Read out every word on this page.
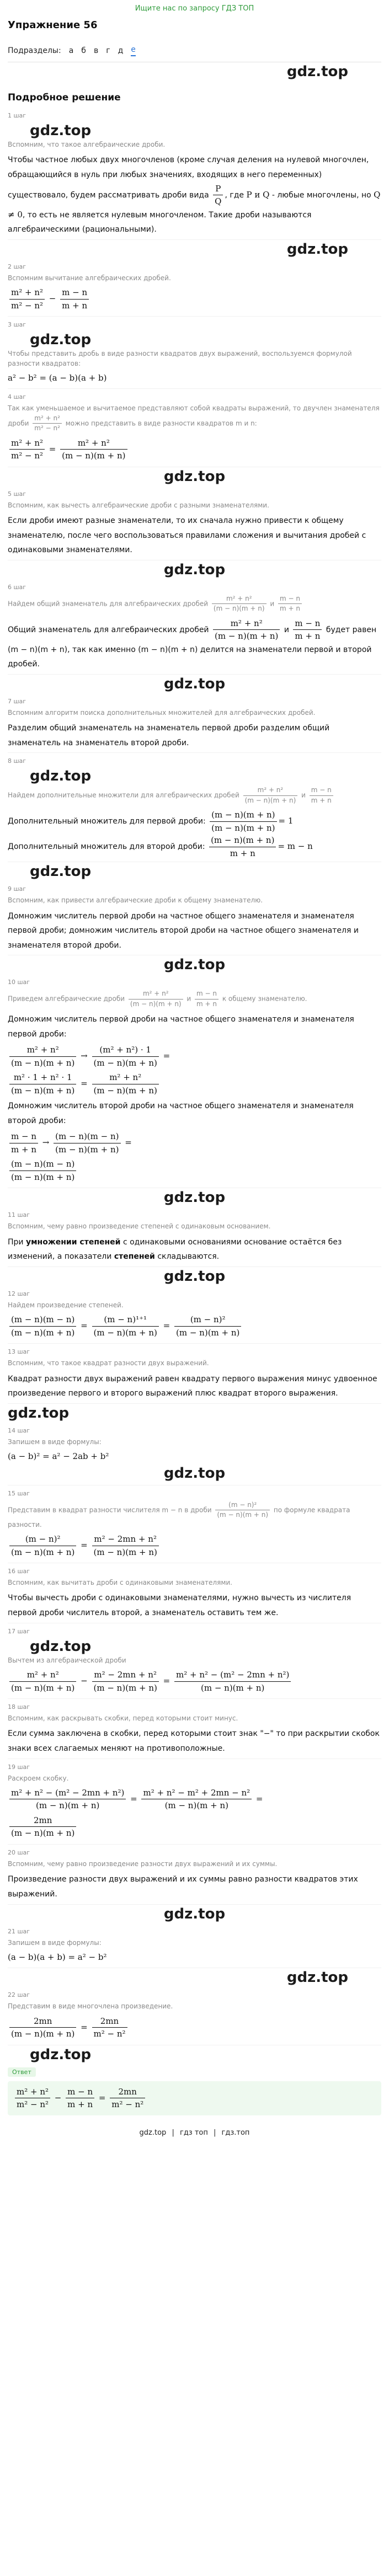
Ищите нас по запросу ГДЗ ТОП
Упражнение 56
Подразделы: а б в г д е
gdz.top
Подробное решение
1 шаг
gdz.top
Вспомним, что такое алгебраические дроби.
Чтобы частное любых двух многочленов (кроме случая деления на нулевой многочлен, обращающийся в нуль при любых значениях, входящих в него переменных) существовало, будем рассматривать дроби вида $\frac{P}{Q}$ , где P и Q - любые многочлены, но Q ≠ 0, то есть не является нулевым многочленом. Такие дроби называются алгебраическими (рациональными).
gdz.top
2 шаг
Вспомним вычитание алгебраических дробей.
$\frac{\text{m² + n²}}{\text{m² − n²}} - \frac{m - n}{m + n}$
3 шаг
gdz.top
Чтобы представить дробь в виде разности квадратов двух выражений, воспользуемся формулой разности квадратов:
a² − b² = (a − b)(a + b)
4 шаг
Так как уменьшаемое и вычитаемое представляют собой квадраты выражений, то двучлен знаменателя дроби $\frac{\text{m² + n²}}{\text{m² − n²}}$ можно представить в виде разности квадратов m и n:
$\frac{\text{m² + n²}}{\text{m² − n²}} = \frac{\text{m² + n²}}{(m - n)(m + n)}$
gdz.top
5 шаг
Вспомним, как вычесть алгебраические дроби с разными знаменателями.
Если дроби имеют разные знаменатели, то их сначала нужно привести к общему знаменателю, после чего воспользоваться правилами сложения и вычитания дробей с одинаковыми знаменателями.
gdz.top
6 шаг
Найдем общий знаменатель для алгебраических дробей $\frac{\text{m² + n²}}{(m - n)(m + n)}$ и $\frac{m - n}{m + n}$
Общий знаменатель для алгебраических дробей $\frac{\text{m² + n²}}{(m - n)(m + n)}$ и $\frac{m - n}{m + n}$ будет равен (m − n)(m + n), так как именно (m − n)(m + n) делится на знаменатели первой и второй дробей.
gdz.top
7 шаг
Вспомним алгоритм поиска дополнительных множителей для алгебраических дробей.
Разделим общий знаменатель на знаменатель первой дроби разделим общий знаменатель на знаменатель второй дроби.
8 шаг
gdz.top
Найдем дополнительные множители для алгебраических дробей $\frac{\text{m² + n²}}{(m - n)(m + n)}$ и $\frac{m - n}{m + n}$
Дополнительный множитель для первой дроби: $\frac{(m - n)(m + n)}{(m - n)(m + n)} = 1$
Дополнительный множитель для второй дроби: $\frac{(m - n)(m + n)}{m + n} = m - n$
gdz.top
9 шаг
Вспомним, как привести алгебраические дроби к общему знаменателю.
Домножим числитель первой дроби на частное общего знаменателя и знаменателя первой дроби; домножим числитель второй дроби на частное общего знаменателя и знаменателя второй дроби.
gdz.top
10 шаг
Приведем алгебраические дроби $\frac{\text{m² + n²}}{(m - n)(m + n)}$ и $\frac{m - n}{m + n}$ к общему знаменателю.
Домножим числитель первой дроби на частное общего знаменателя и знаменателя первой дроби:
$\frac{\text{m² + n²}}{(m - n)(m + n)} \to \frac{\text{(m² + n²) · 1}}{(m - n)(m + n)}$ =
$\frac{\text{m² · 1 + n² · 1}}{(m - n)(m + n)} = \frac{\text{m² + n²}}{(m - n)(m + n)}$
Домножим числитель второй дроби на частное общего знаменателя и знаменателя второй дроби:
$\frac{m - n}{m + n} \to \frac{(m - n)(m - n)}{(m - n)(m + n)}$ =
$\frac{(m - n)(m - n)}{(m - n)(m + n)}$
gdz.top
11 шаг
Вспомним, чему равно произведение степеней с одинаковым основанием.
При умножении степеней с одинаковыми основаниями основание остаётся без изменений, а показатели степеней складываются.
gdz.top
12 шаг
Найдем произведение степеней.
$\frac{(m - n)(m - n)}{(m - n)(m + n)} = \frac{\text{(m − n)¹⁺¹}}{(m - n)(m + n)} = \frac{\text{(m − n)²}}{(m - n)(m + n)}$
13 шаг
Вспомним, что такое квадрат разности двух выражений.
Квадрат разности двух выражений равен квадрату первого выражения минус удвоенное произведение первого и второго выражений плюс квадрат второго выражения.
gdz.top
14 шаг
Запишем в виде формулы:
(a − b)² = a² − 2ab + b²
gdz.top
15 шаг
Представим в квадрат разности числителя m − n в дроби $\frac{\text{(m − n)²}}{(m - n)(m + n)}$ по формуле квадрата разности.
$\frac{\text{(m − n)²}}{(m - n)(m + n)} = \frac{\text{m² − 2mn + n²}}{(m - n)(m + n)}$
16 шаг
Вспомним, как вычитать дроби с одинаковыми знаменателями.
Чтобы вычесть дроби с одинаковыми знаменателями, нужно вычесть из числителя первой дроби числитель второй, а знаменатель оставить тем же.
17 шаг
gdz.top
Вычтем из алгебраической дроби
$\frac{\text{m² + n²}}{(m - n)(m + n)} - \frac{\text{m² − 2mn + n²}}{(m - n)(m + n)} = \frac{\text{m² + n² − (m² − 2mn + n²)}}{(m - n)(m + n)}$
18 шаг
Вспомним, как раскрывать скобки, перед которыми стоит минус.
Если сумма заключена в скобки, перед которыми стоит знак "−" то при раскрытии скобок знаки всех слагаемых меняют на противоположные.
19 шаг
Раскроем скобку.
$\frac{\text{m² + n² − (m² − 2mn + n²)}}{(m - n)(m + n)} = \frac{\text{m² + n² − m² + 2mn − n²}}{(m - n)(m + n)}$ =
$\frac{2mn}{(m - n)(m + n)}$
20 шаг
Вспомним, чему равно произведение разности двух выражений и их суммы.
Произведение разности двух выражений и их суммы равно разности квадратов этих выражений.
gdz.top
21 шаг
Запишем в виде формулы:
(a − b)(a + b) = a² − b²
gdz.top
22 шаг
Представим в виде многочлена произведение.
$\frac{2mn}{(m - n)(m + n)} = \frac{2mn}{\text{m² − n²}}$
gdz.top
Ответ
$\frac{\text{m² + n²}}{\text{m² − n²}} - \frac{m - n}{m + n} = \frac{2mn}{\text{m² − n²}}$
gdz.top | гдз топ | гдз.топ
